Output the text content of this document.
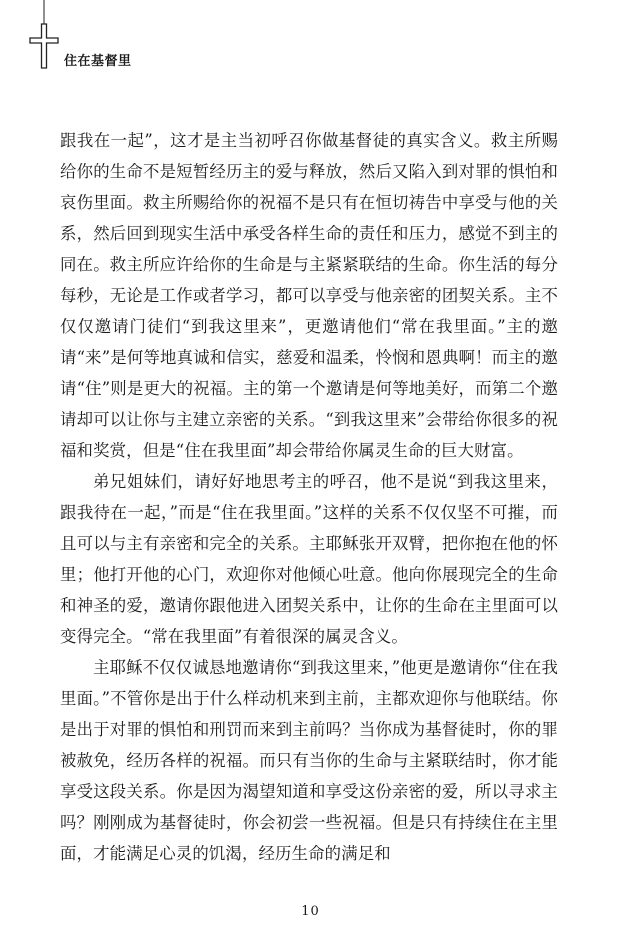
住在基督里

跟我在一起”，这才是主当初呼召你做基督徒的真实含义。救主所赐给你的生命不是短暂经历主的爱与释放，然后又陷入到对罪的惧怕和哀伤里面。救主所赐给你的祝福不是只有在恒切祷告中享受与他的关系，然后回到现实生活中承受各样生命的责任和压力，感觉不到主的同在。救主所应许给你的生命是与主紧紧联结的生命。你生活的每分每秒，无论是工作或者学习，都可以享受与他亲密的团契关系。主不仅仅邀请门徒们“到我这里来”，更邀请他们“常在我里面。”主的邀请“来”是何等地真诚和信实，慈爱和温柔，怜悯和恩典啊！而主的邀请“住”则是更大的祝福。主的第一个邀请是何等地美好，而第二个邀请却可以让你与主建立亲密的关系。“到我这里来”会带给你很多的祝福和奖赏，但是“住在我里面”却会带给你属灵生命的巨大财富。

弟兄姐妹们，请好好地思考主的呼召，他不是说“到我这里来，跟我待在一起，”而是“住在我里面。”这样的关系不仅仅坚不可摧，而且可以与主有亲密和完全的关系。主耶稣张开双臂，把你抱在他的怀里；他打开他的心门，欢迎你对他倾心吐意。他向你展现完全的生命和神圣的爱，邀请你跟他进入团契关系中，让你的生命在主里面可以变得完全。“常在我里面”有着很深的属灵含义。

主耶稣不仅仅诚恳地邀请你“到我这里来，”他更是邀请你“住在我里面。”不管你是出于什么样动机来到主前，主都欢迎你与他联结。你是出于对罪的惧怕和刑罚而来到主前吗？当你成为基督徒时，你的罪被赦免，经历各样的祝福。而只有当你的生命与主紧联结时，你才能享受这段关系。你是因为渴望知道和享受这份亲密的爱，所以寻求主吗？刚刚成为基督徒时，你会初尝一些祝福。但是只有持续住在主里面，才能满足心灵的饥渴，经历生命的满足和

10
